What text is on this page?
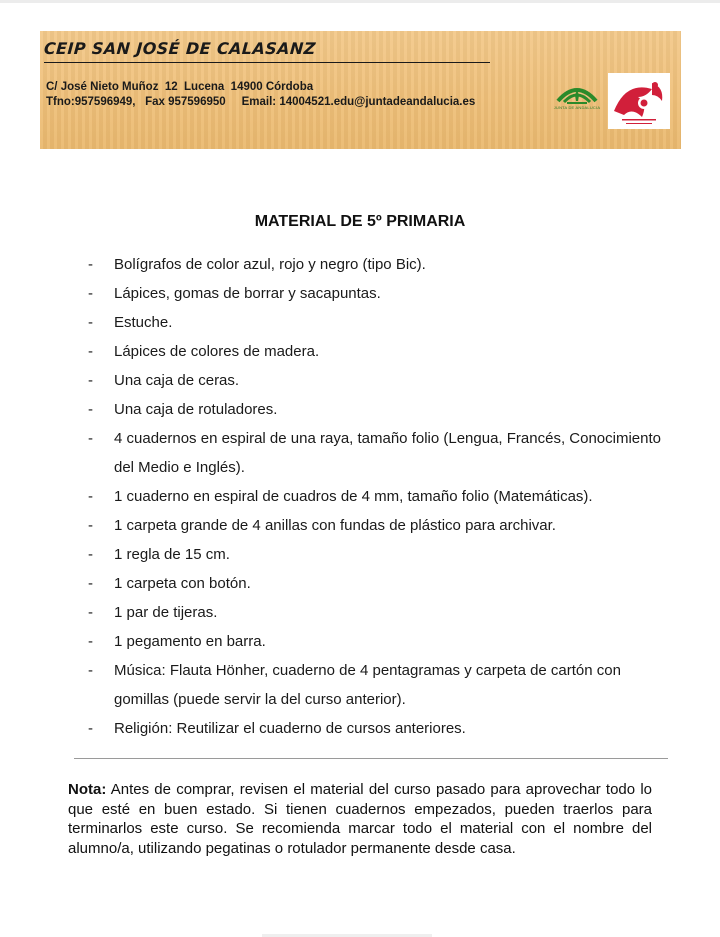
CEIP SAN JOSÉ DE CALASANZ
C/ José Nieto Muñoz  12  Lucena  14900 Córdoba
Tfno:957596949,   Fax 957596950     Email: 14004521.edu@juntadeandalucia.es	JUNTA DE ANDALUCIA
MATERIAL DE 5º PRIMARIA
- Bolígrafos de color azul, rojo y negro (tipo Bic).
- Lápices, gomas de borrar y sacapuntas.
- Estuche.
- Lápices de colores de madera.
- Una caja de ceras.
- Una caja de rotuladores.
- 4 cuadernos en espiral de una raya, tamaño folio (Lengua, Francés, Conocimiento del Medio e Inglés).
- 1 cuaderno en espiral de cuadros de 4 mm, tamaño folio (Matemáticas).
- 1 carpeta grande de 4 anillas con fundas de plástico para archivar.
- 1 regla de 15 cm.
- 1 carpeta con botón.
- 1 par de tijeras.
- 1 pegamento en barra.
- Música: Flauta Hönher, cuaderno de 4 pentagramas y carpeta de cartón con gomillas (puede servir la del curso anterior).
- Religión: Reutilizar el cuaderno de cursos anteriores.
Nota: Antes de comprar, revisen el material del curso pasado para aprovechar todo lo que esté en buen estado. Si tienen cuadernos empezados, pueden traerlos para terminarlos este curso. Se recomienda marcar todo el material con el nombre del alumno/a, utilizando pegatinas o rotulador permanente desde casa.
